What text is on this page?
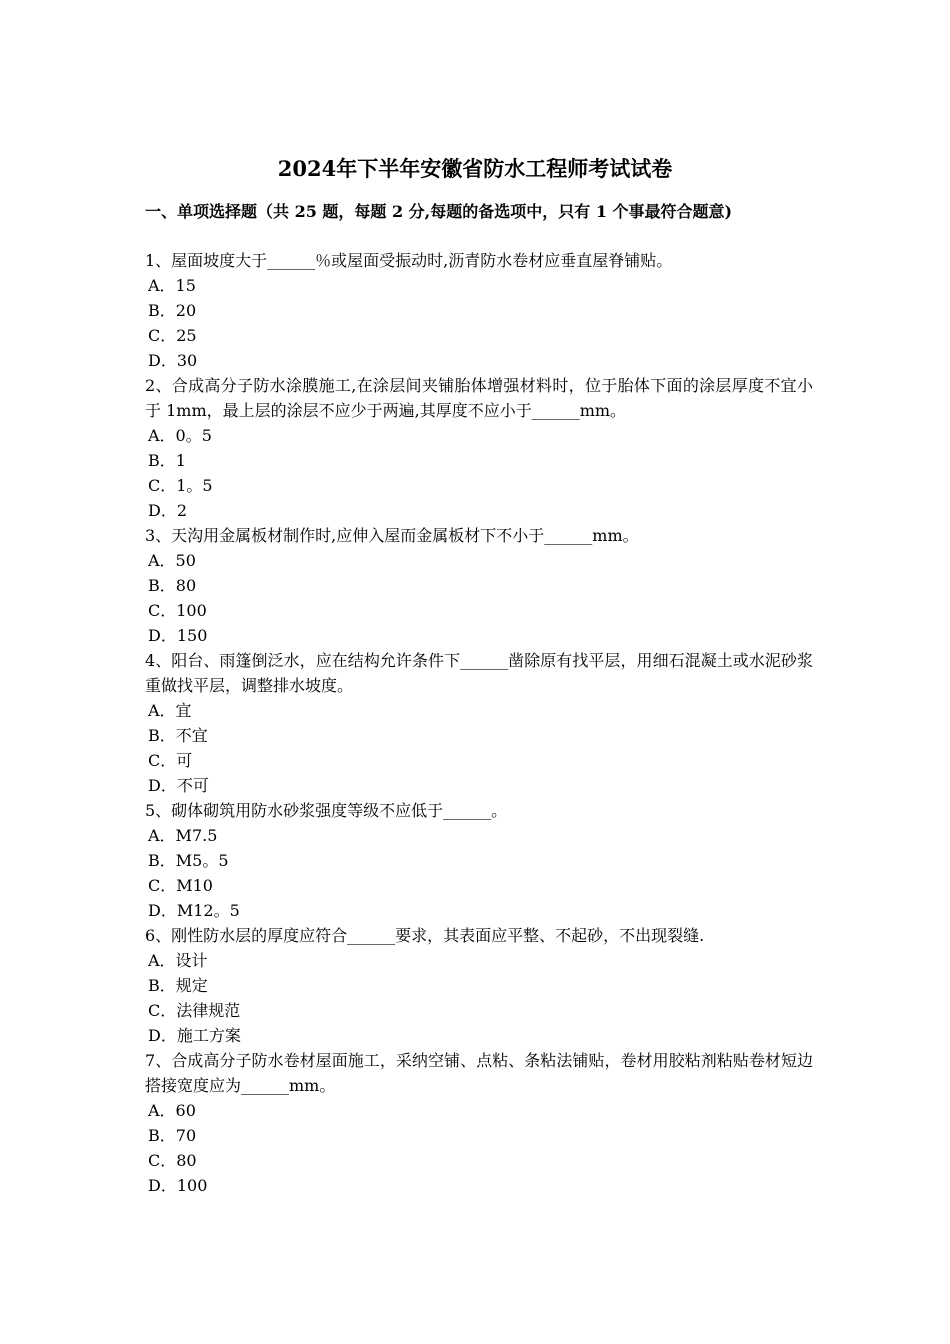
2024年下半年安徽省防水工程师考试试卷
一、单项选择题（共 25 题，每题 2 分,每题的备选项中，只有 1 个事最符合题意)
1、屋面坡度大于______％或屋面受振动时,沥青防水卷材应垂直屋脊铺贴。
A．15
B．20
C．25
D．30
2、合成高分子防水涂膜施工,在涂层间夹铺胎体增强材料时，位于胎体下面的涂层厚度不宜小于 1mm，最上层的涂层不应少于两遍,其厚度不应小于______mm。
A．0。5
B．1
C．1。5
D．2
3、天沟用金属板材制作时,应伸入屋而金属板材下不小于______mm。
A．50
B．80
C．100
D．150
4、阳台、雨篷倒泛水，应在结构允许条件下______凿除原有找平层，用细石混凝土或水泥砂浆重做找平层，调整排水坡度。
A．宜
B．不宜
C．可
D．不可
5、砌体砌筑用防水砂浆强度等级不应低于______。
A．M7.5
B．M5。5
C．M10
D．M12。5
6、刚性防水层的厚度应符合______要求，其表面应平整、不起砂，不出现裂缝.
A．设计
B．规定
C．法律规范
D．施工方案
7、合成高分子防水卷材屋面施工，采纳空铺、点粘、条粘法铺贴，卷材用胶粘剂粘贴卷材短边搭接宽度应为______mm。
A．60
B．70
C．80
D．100
